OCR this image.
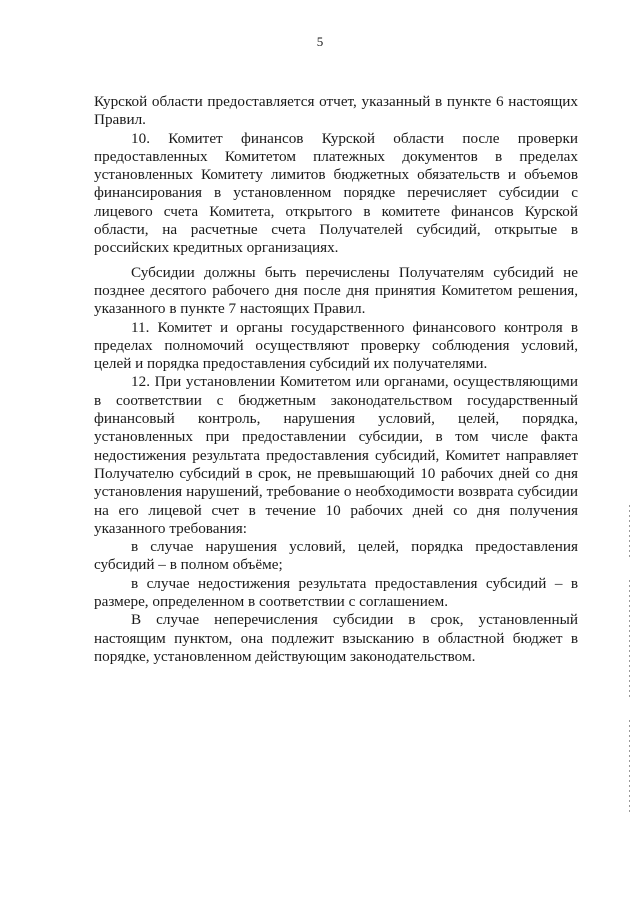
5

Курской области предоставляется отчет, указанный в пункте 6 настоящих Правил.

10. Комитет финансов Курской области после проверки предоставленных Комитетом платежных документов в пределах установленных Комитету лимитов бюджетных обязательств и объемов финансирования в установленном порядке перечисляет субсидии с лицевого счета Комитета, открытого в комитете финансов Курской области, на расчетные счета Получателей субсидий, открытые в российских кредитных организациях.

Субсидии должны быть перечислены Получателям субсидий не позднее десятого рабочего дня после дня принятия Комитетом решения, указанного в пункте 7 настоящих Правил.

11. Комитет и органы государственного финансового контроля в пределах полномочий осуществляют проверку соблюдения условий, целей и порядка предоставления субсидий их получателями.

12. При установлении Комитетом или органами, осуществляющими в соответствии с бюджетным законодательством государственный финансовый контроль, нарушения условий, целей, порядка, установленных при предоставлении субсидии, в том числе факта недостижения результата предоставления субсидий, Комитет направляет Получателю субсидий в срок, не превышающий 10 рабочих дней со дня установления нарушений, требование о необходимости возврата субсидии на его лицевой счет в течение 10 рабочих дней со дня получения указанного требования:

в случае нарушения условий, целей, порядка предоставления субсидий – в полном объёме;

в случае недостижения результата предоставления субсидий – в размере, определенном в соответствии с соглашением.

В случае неперечисления субсидии в срок, установленный настоящим пунктом, она подлежит взысканию в областной бюджет в порядке, установленном действующим законодательством.
